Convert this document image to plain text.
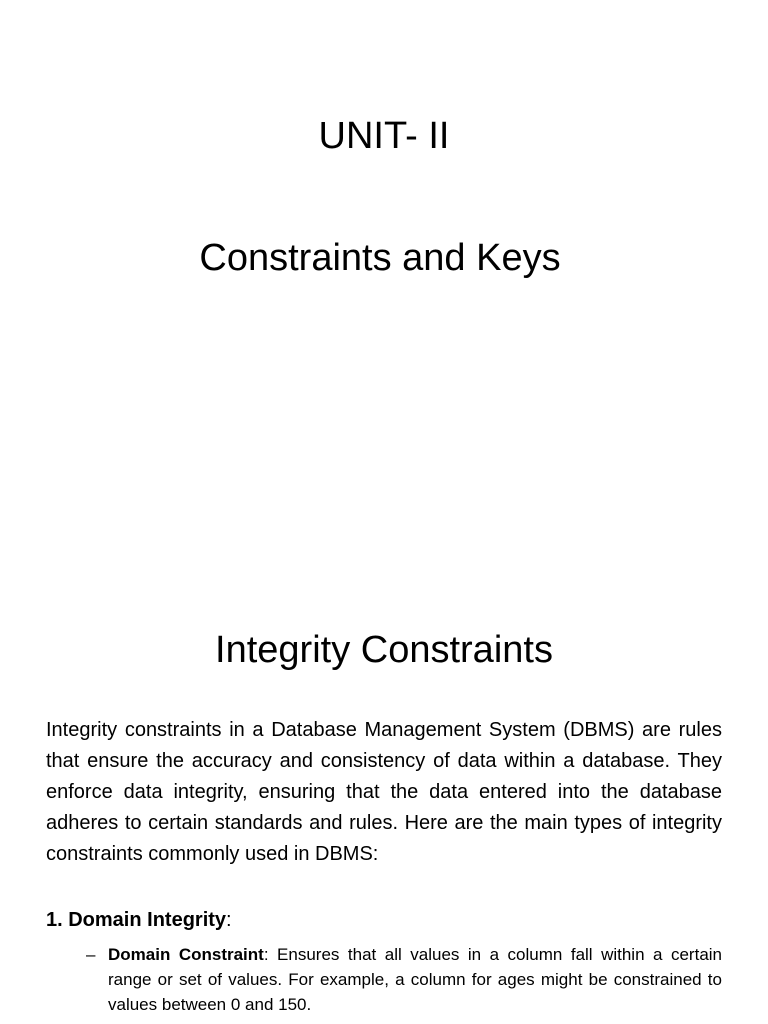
UNIT- II
Constraints and Keys
Integrity Constraints

Integrity constraints in a Database Management System (DBMS) are rules that ensure the accuracy and consistency of data within a database. They enforce data integrity, ensuring that the data entered into the database adheres to certain standards and rules. Here are the main types of integrity constraints commonly used in DBMS:

1. Domain Integrity:

– Domain Constraint: Ensures that all values in a column fall within a certain range or set of values. For example, a column for ages might be constrained to values between 0 and 150.
